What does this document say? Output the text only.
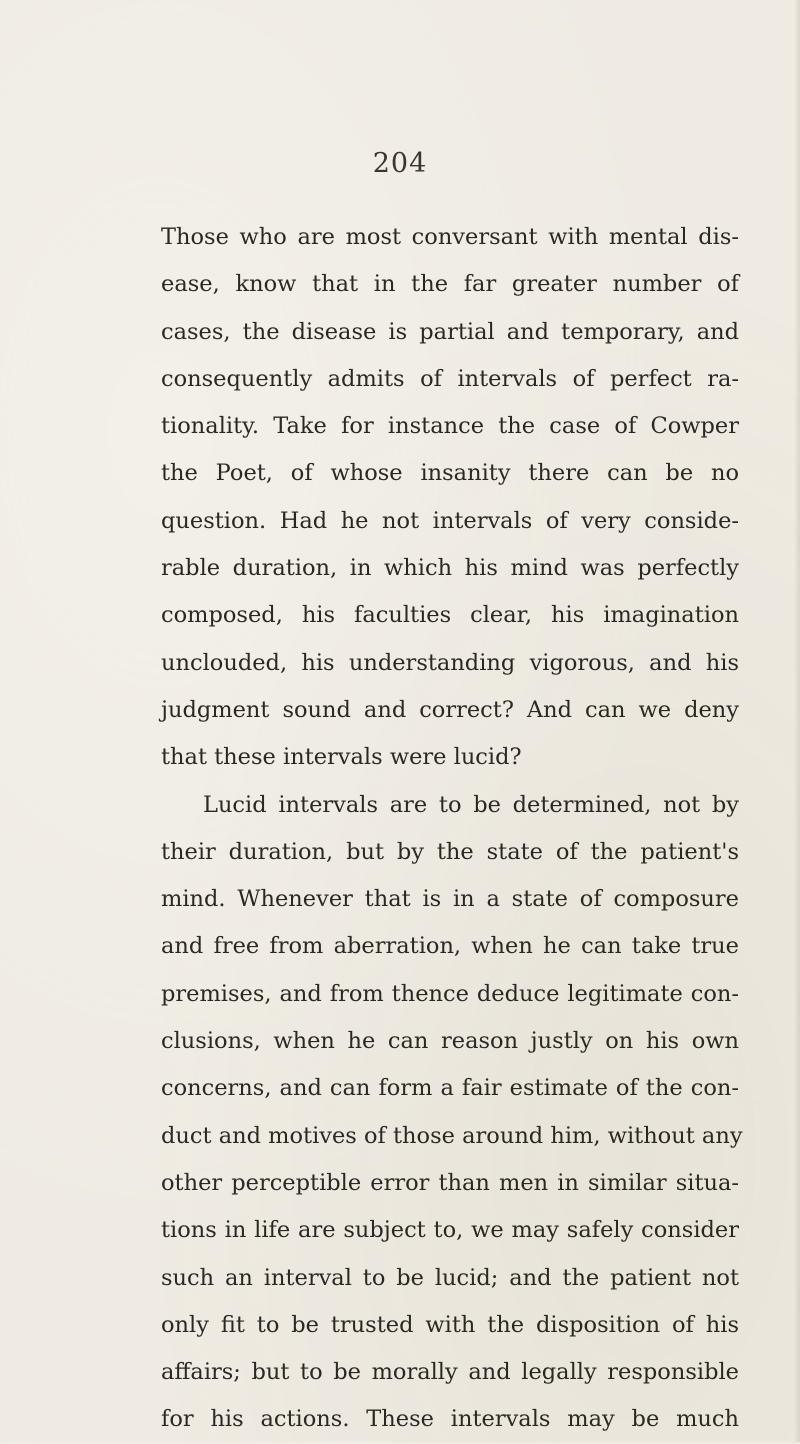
204
Those who are most conversant with mental dis-
ease, know that in the far greater number of
cases, the disease is partial and temporary, and
consequently admits of intervals of perfect ra-
tionality. Take for instance the case of Cowper
the Poet, of whose insanity there can be no
question. Had he not intervals of very conside-
rable duration, in which his mind was perfectly
composed, his faculties clear, his imagination
unclouded, his understanding vigorous, and his
judgment sound and correct? And can we deny
that these intervals were lucid?
Lucid intervals are to be determined, not by
their duration, but by the state of the patient's
mind. Whenever that is in a state of composure
and free from aberration, when he can take true
premises, and from thence deduce legitimate con-
clusions, when he can reason justly on his own
concerns, and can form a fair estimate of the con-
duct and motives of those around him, without any
other perceptible error than men in similar situa-
tions in life are subject to, we may safely consider
such an interval to be lucid; and the patient not
only fit to be trusted with the disposition of his
affairs; but to be morally and legally responsible
for his actions. These intervals may be much
